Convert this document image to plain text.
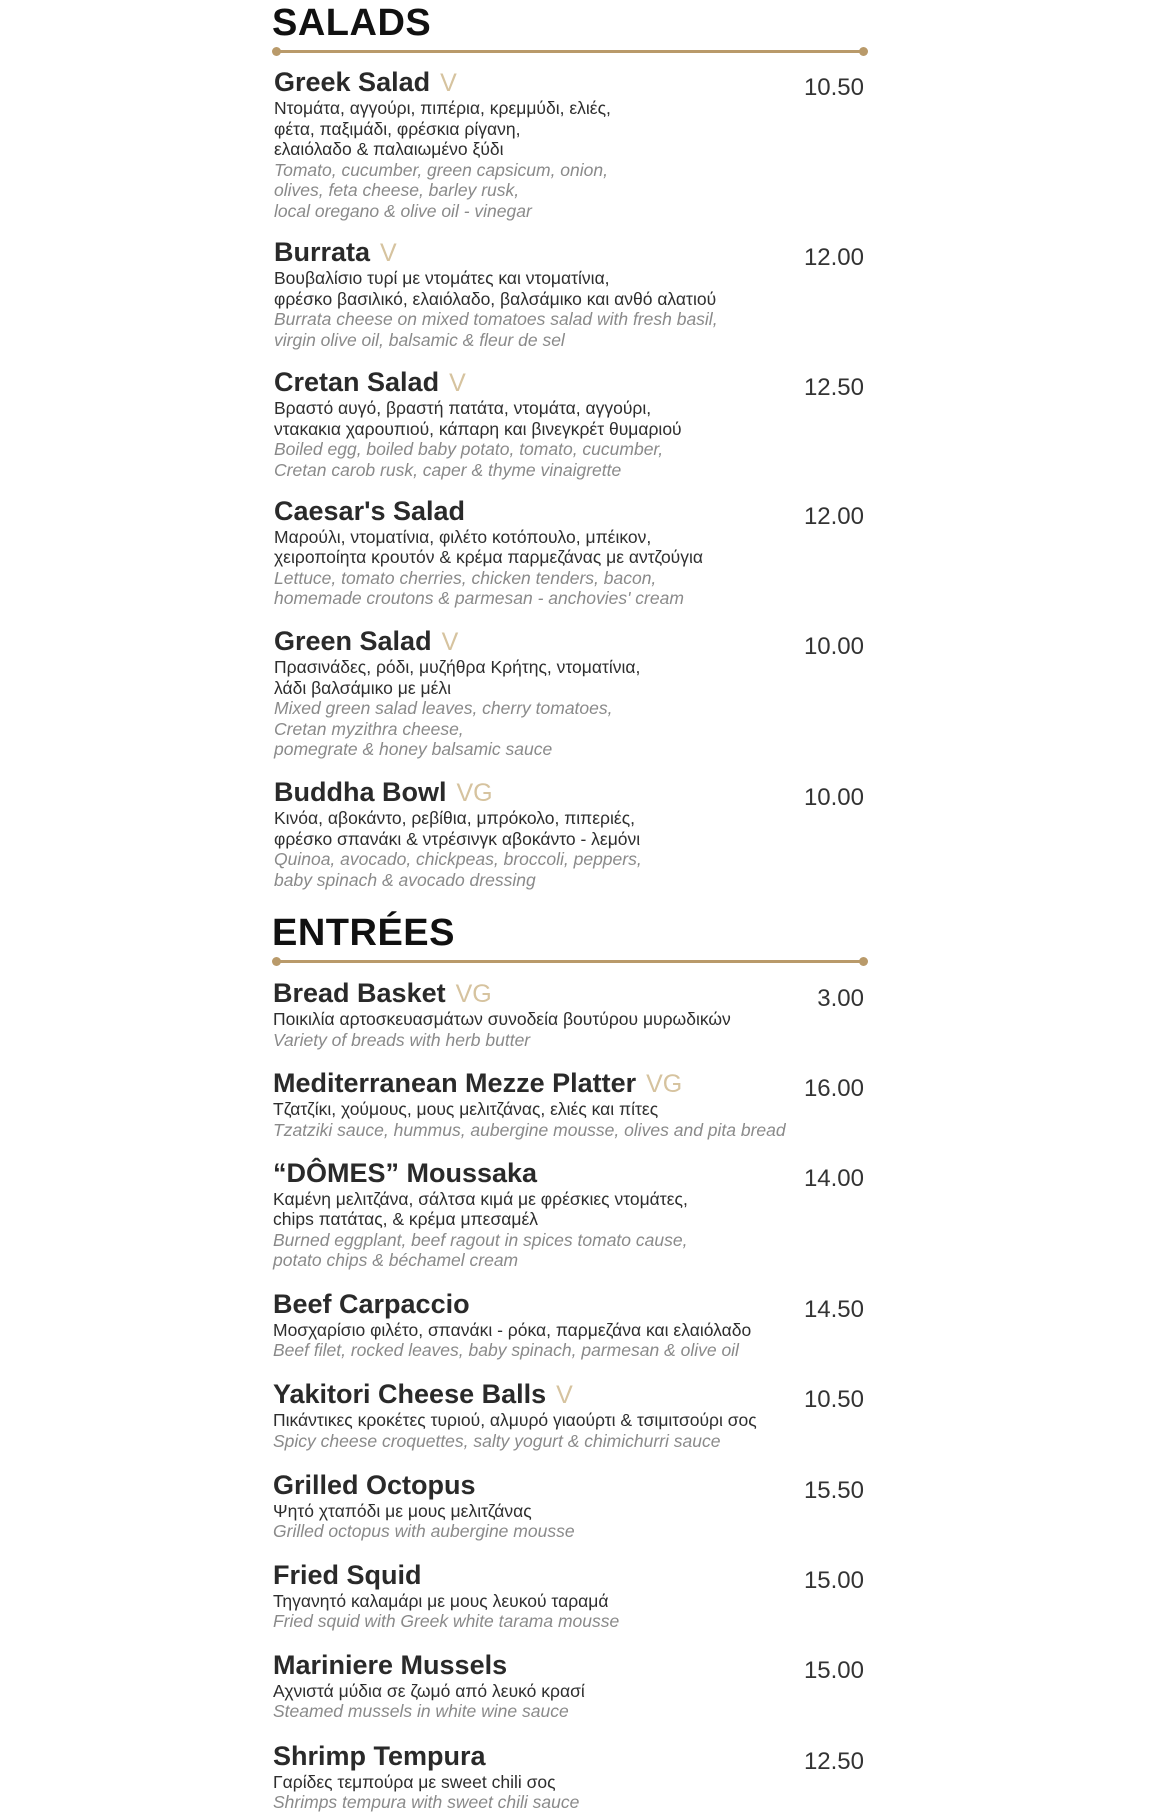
SALADS
Greek Salad V	10.50
Ντομάτα, αγγούρι, πιπέρια, κρεμμύδι, ελιές,
φέτα, παξιμάδι, φρέσκια ρίγανη,
ελαιόλαδο & παλαιωμένο ξύδι
Tomato, cucumber, green capsicum, onion,
olives, feta cheese, barley rusk,
local oregano & olive oil - vinegar
Burrata V	12.00
Βουβαλίσιο τυρί με ντομάτες και ντοματίνια,
φρέσκο βασιλικό, ελαιόλαδο, βαλσάμικο και ανθό αλατιού
Burrata cheese on mixed tomatoes salad with fresh basil,
virgin olive oil, balsamic & fleur de sel
Cretan Salad V	12.50
Βραστό αυγό, βραστή πατάτα, ντομάτα, αγγούρι,
ντακακια χαρουπιού, κάπαρη και βινεγκρέτ θυμαριού
Boiled egg, boiled baby potato, tomato, cucumber,
Cretan carob rusk, caper & thyme vinaigrette
Caesar's Salad	12.00
Μαρούλι, ντοματίνια, φιλέτο κοτόπουλο, μπέικον,
χειροποίητα κρουτόν & κρέμα παρμεζάνας με αντζούγια
Lettuce, tomato cherries, chicken tenders, bacon,
homemade croutons & parmesan - anchovies' cream
Green Salad V	10.00
Πρασινάδες, ρόδι, μυζήθρα Κρήτης, ντοματίνια,
λάδι βαλσάμικο με μέλι
Mixed green salad leaves, cherry tomatoes,
Cretan myzithra cheese,
pomegrate & honey balsamic sauce
Buddha Bowl VG	10.00
Κινόα, αβοκάντο, ρεβίθια, μπρόκολο, πιπεριές,
φρέσκο σπανάκι & ντρέσινγκ αβοκάντο - λεμόνι
Quinoa, avocado, chickpeas, broccoli, peppers,
baby spinach & avocado dressing
ENTRÉES
Bread Basket VG	3.00
Ποικιλία αρτοσκευασμάτων συνοδεία βουτύρου μυρωδικών
Variety of breads with herb butter
Mediterranean Mezze Platter VG	16.00
Τζατζίκι, χούμους, μους μελιτζάνας, ελιές και πίτες
Tzatziki sauce, hummus, aubergine mousse, olives and pita bread
“DÔMES” Moussaka	14.00
Καμένη μελιτζάνα, σάλτσα κιμά με φρέσκιες ντομάτες,
chips πατάτας, & κρέμα μπεσαμέλ
Burned eggplant, beef ragout in spices tomato cause,
potato chips & béchamel cream
Beef Carpaccio	14.50
Μοσχαρίσιο φιλέτο, σπανάκι - ρόκα, παρμεζάνα και ελαιόλαδο
Beef filet, rocked leaves, baby spinach, parmesan & olive oil
Yakitori Cheese Balls V	10.50
Πικάντικες κροκέτες τυριού, αλμυρό γιαούρτι & τσιμιτσούρι σος
Spicy cheese croquettes, salty yogurt & chimichurri sauce
Grilled Octopus	15.50
Ψητό χταπόδι με μους μελιτζάνας
Grilled octopus with aubergine mousse
Fried Squid	15.00
Τηγανητό καλαμάρι με μους λευκού ταραμά
Fried squid with Greek white tarama mousse
Mariniere Mussels	15.00
Αχνιστά μύδια σε ζωμό από λευκό κρασί
Steamed mussels in white wine sauce
Shrimp Tempura	12.50
Γαρίδες τεμπούρα με sweet chili σος
Shrimps tempura with sweet chili sauce
